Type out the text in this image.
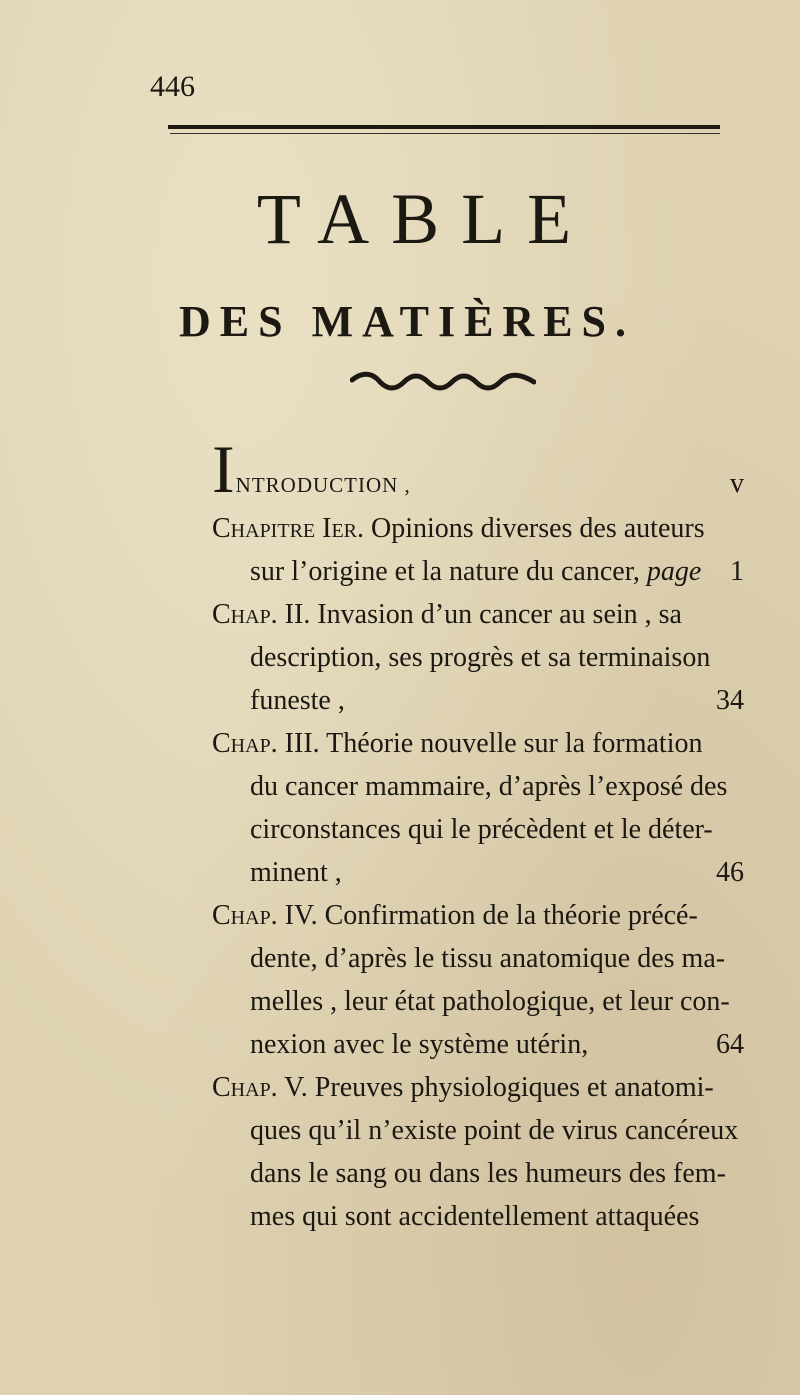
446
TABLE
DES MATIÈRES.
INTRODUCTION ,	v
Chapitre Ier. Opinions diverses des auteurs
sur l’origine et la nature du cancer, page 1
Chap. II. Invasion d’un cancer au sein , sa
description, ses progrès et sa terminaison
funeste ,	34
Chap. III. Théorie nouvelle sur la formation
du cancer mammaire, d’après l’exposé des
circonstances qui le précèdent et le déter-
minent ,	46
Chap. IV. Confirmation de la théorie précé-
dente, d’après le tissu anatomique des ma-
melles , leur état pathologique, et leur con-
nexion avec le système utérin,	64
Chap. V. Preuves physiologiques et anatomi-
ques qu’il n’existe point de virus cancéreux
dans le sang ou dans les humeurs des fem-
mes qui sont accidentellement attaquées
